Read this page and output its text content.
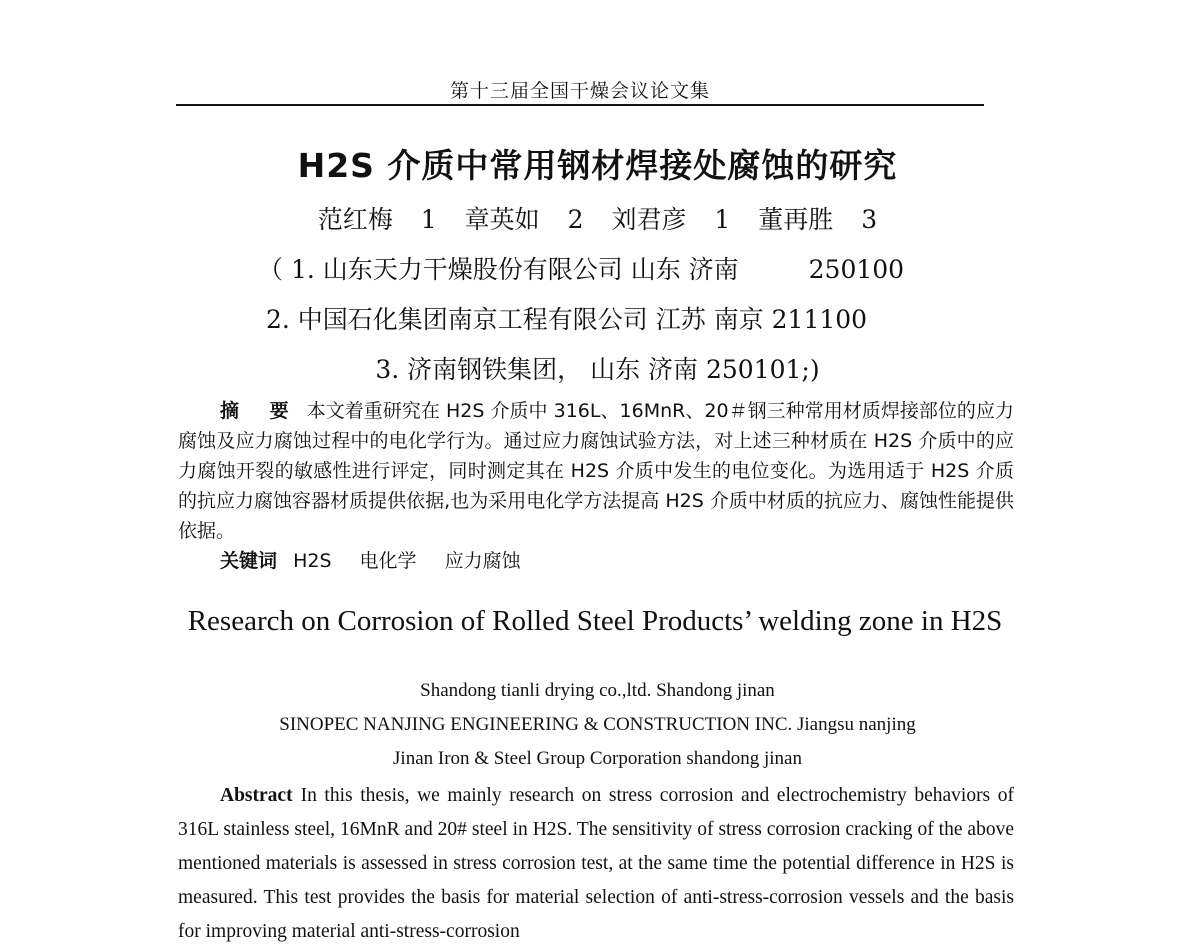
第十三届全国干燥会议论文集
H2S 介质中常用钢材焊接处腐蚀的研究
范红梅 1 章英如 2 刘君彦 1 董再胜 3
（ 1. 山东天力干燥股份有限公司 山东 济南	250100
2. 中国石化集团南京工程有限公司 江苏 南京 211100
3. 济南钢铁集团， 山东 济南 250101;)
摘 要 本文着重研究在 H2S 介质中 316L、16MnR、20＃钢三种常用材质焊接部位的应力腐蚀及应力腐蚀过程中的电化学行为。通过应力腐蚀试验方法，对上述三种材质在 H2S 介质中的应力腐蚀开裂的敏感性进行评定，同时测定其在 H2S 介质中发生的电位变化。为选用适于 H2S 介质的抗应力腐蚀容器材质提供依据,也为采用电化学方法提高 H2S 介质中材质的抗应力、腐蚀性能提供依据。
关键词 H2S 电化学 应力腐蚀
Research on Corrosion of Rolled Steel Products’ welding zone in H2S
Shandong tianli drying co.,ltd. Shandong jinan
SINOPEC NANJING ENGINEERING & CONSTRUCTION INC. Jiangsu nanjing
Jinan Iron & Steel Group Corporation shandong jinan
Abstract In this thesis, we mainly research on stress corrosion and electrochemistry behaviors of 316L stainless steel, 16MnR and 20# steel in H2S. The sensitivity of stress corrosion cracking of the above mentioned materials is assessed in stress corrosion test, at the same time the potential difference in H2S is measured. This test provides the basis for material selection of anti-stress-corrosion vessels and the basis for improving material anti-stress-corrosion
